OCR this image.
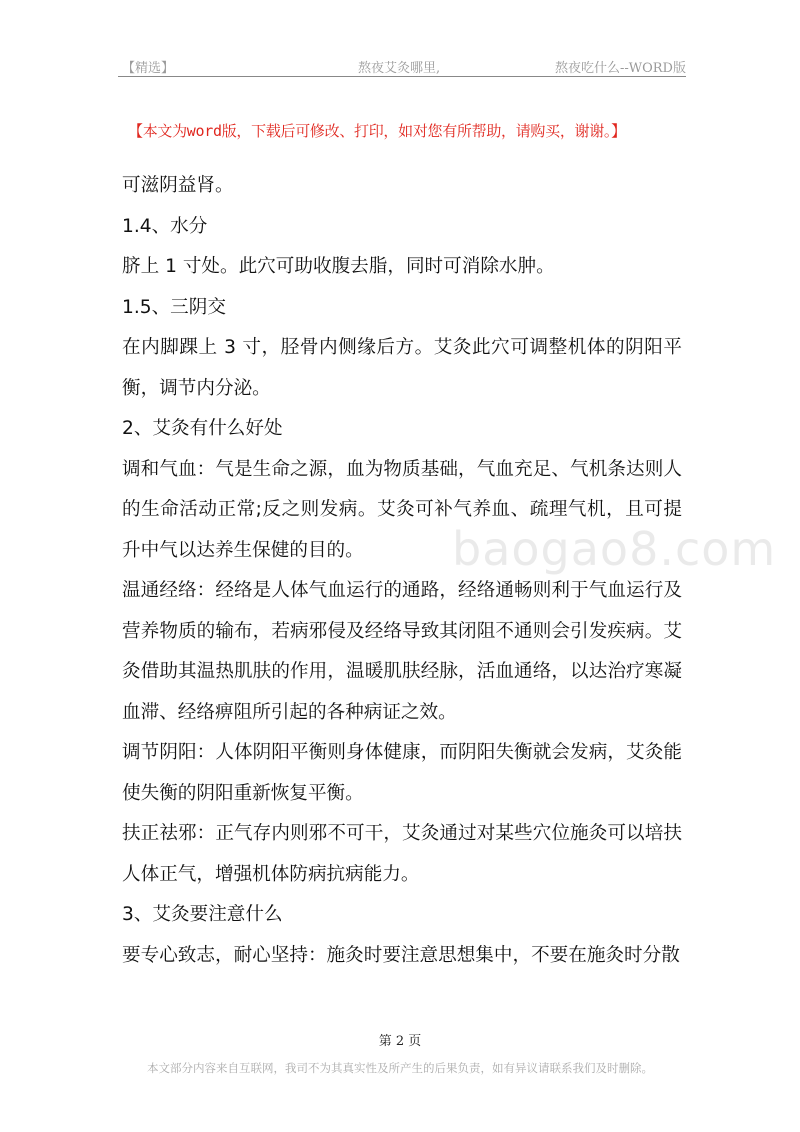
【精选】	熬夜艾灸哪里,	熬夜吃什么--WORD版
【本文为word版，下载后可修改、打印，如对您有所帮助，请购买，谢谢。】

可滋阴益肾。

1.4、水分

脐上 1 寸处。此穴可助收腹去脂，同时可消除水肿。

1.5、三阴交

在内脚踝上 3 寸，胫骨内侧缘后方。艾灸此穴可调整机体的阴阳平衡，调节内分泌。

2、艾灸有什么好处

调和气血：气是生命之源，血为物质基础，气血充足、气机条达则人的生命活动正常;反之则发病。艾灸可补气养血、疏理气机，且可提升中气以达养生保健的目的。

温通经络：经络是人体气血运行的通路，经络通畅则利于气血运行及营养物质的输布，若病邪侵及经络导致其闭阻不通则会引发疾病。艾灸借助其温热肌肤的作用，温暖肌肤经脉，活血通络，以达治疗寒凝血滞、经络痹阻所引起的各种病证之效。

调节阴阳：人体阴阳平衡则身体健康，而阴阳失衡就会发病，艾灸能使失衡的阴阳重新恢复平衡。

扶正祛邪：正气存内则邪不可干，艾灸通过对某些穴位施灸可以培扶人体正气，增强机体防病抗病能力。

3、艾灸要注意什么

要专心致志，耐心坚持：施灸时要注意思想集中，不要在施灸时分散

baogao8.com
第 2 页
本文部分内容来自互联网，我司不为其真实性及所产生的后果负责，如有异议请联系我们及时删除。
